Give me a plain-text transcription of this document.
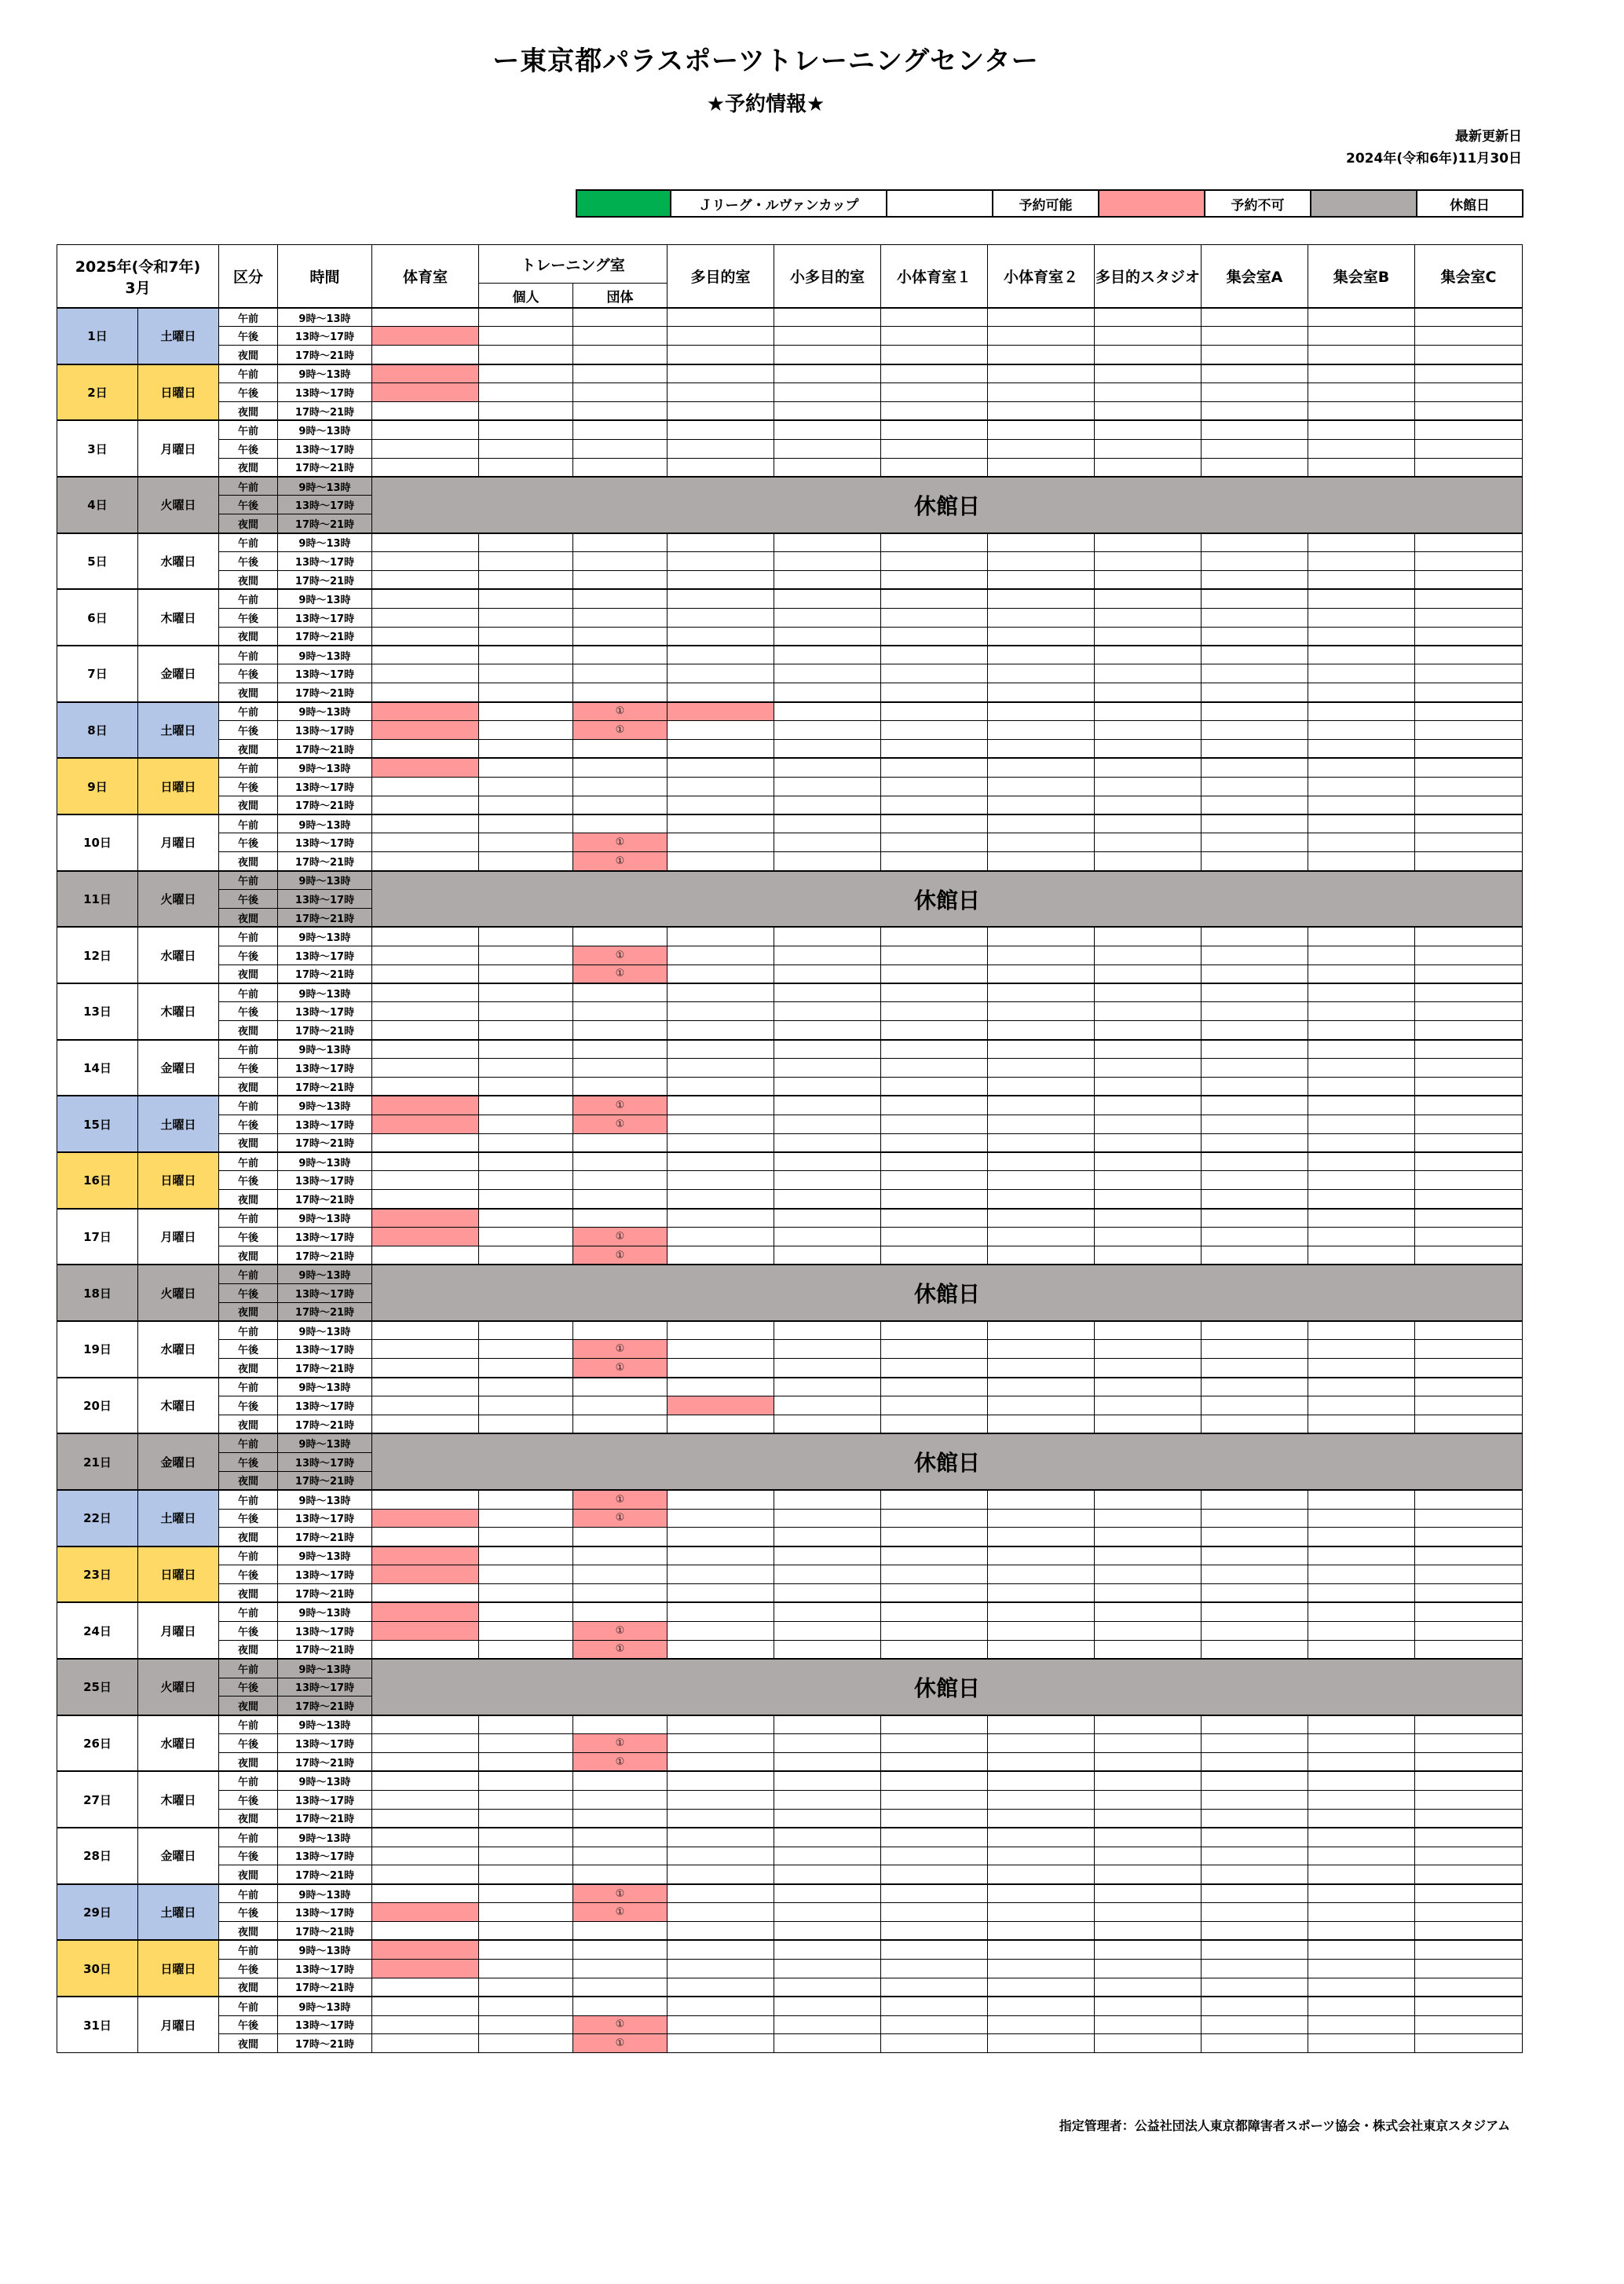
ー東京都パラスポーツトレーニングセンター
★予約情報★
最新更新日
2024年(令和6年)11月30日
	Ｊリーグ・ルヴァンカップ		予約可能		予約不可		休館日
2025年(令和7年)
3月		区分	時間	体育室	トレーニング室		多目的室	小多目的室	小体育室１	小体育室２	多目的スタジオ	集会室A	集会室B	集会室C
					個人	団体								
1日	土曜日	午前	9時～13時											
		午後	13時～17時											
		夜間	17時～21時											
2日	日曜日	午前	9時～13時											
		午後	13時～17時											
		夜間	17時～21時											
3日	月曜日	午前	9時～13時											
		午後	13時～17時											
		夜間	17時～21時											
4日	火曜日	午前	9時～13時	休館日										
		午後	13時～17時											
		夜間	17時～21時											
5日	水曜日	午前	9時～13時											
		午後	13時～17時											
		夜間	17時～21時											
6日	木曜日	午前	9時～13時											
		午後	13時～17時											
		夜間	17時～21時											
7日	金曜日	午前	9時～13時											
		午後	13時～17時											
		夜間	17時～21時											
8日	土曜日	午前	9時～13時			①								
		午後	13時～17時			①								
		夜間	17時～21時											
9日	日曜日	午前	9時～13時											
		午後	13時～17時											
		夜間	17時～21時											
10日	月曜日	午前	9時～13時											
		午後	13時～17時			①								
		夜間	17時～21時			①								
11日	火曜日	午前	9時～13時	休館日										
		午後	13時～17時											
		夜間	17時～21時											
12日	水曜日	午前	9時～13時											
		午後	13時～17時			①								
		夜間	17時～21時			①								
13日	木曜日	午前	9時～13時											
		午後	13時～17時											
		夜間	17時～21時											
14日	金曜日	午前	9時～13時											
		午後	13時～17時											
		夜間	17時～21時											
15日	土曜日	午前	9時～13時			①								
		午後	13時～17時			①								
		夜間	17時～21時											
16日	日曜日	午前	9時～13時											
		午後	13時～17時											
		夜間	17時～21時											
17日	月曜日	午前	9時～13時											
		午後	13時～17時			①								
		夜間	17時～21時			①								
18日	火曜日	午前	9時～13時	休館日										
		午後	13時～17時											
		夜間	17時～21時											
19日	水曜日	午前	9時～13時											
		午後	13時～17時			①								
		夜間	17時～21時			①								
20日	木曜日	午前	9時～13時											
		午後	13時～17時											
		夜間	17時～21時											
21日	金曜日	午前	9時～13時	休館日										
		午後	13時～17時											
		夜間	17時～21時											
22日	土曜日	午前	9時～13時			①								
		午後	13時～17時			①								
		夜間	17時～21時											
23日	日曜日	午前	9時～13時											
		午後	13時～17時											
		夜間	17時～21時											
24日	月曜日	午前	9時～13時											
		午後	13時～17時			①								
		夜間	17時～21時			①								
25日	火曜日	午前	9時～13時	休館日										
		午後	13時～17時											
		夜間	17時～21時											
26日	水曜日	午前	9時～13時											
		午後	13時～17時			①								
		夜間	17時～21時			①								
27日	木曜日	午前	9時～13時											
		午後	13時～17時											
		夜間	17時～21時											
28日	金曜日	午前	9時～13時											
		午後	13時～17時											
		夜間	17時～21時											
29日	土曜日	午前	9時～13時			①								
		午後	13時～17時			①								
		夜間	17時～21時											
30日	日曜日	午前	9時～13時											
		午後	13時～17時											
		夜間	17時～21時											
31日	月曜日	午前	9時～13時											
		午後	13時～17時			①								
		夜間	17時～21時			①								
指定管理者：公益社団法人東京都障害者スポーツ協会・株式会社東京スタジアム
